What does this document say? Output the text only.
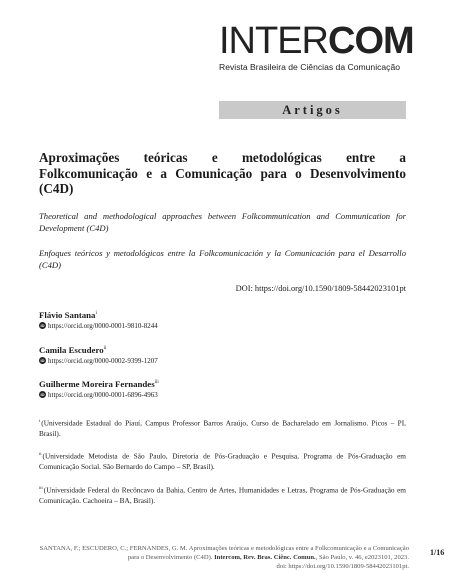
INTERCOM
Revista Brasileira de Ciências da Comunicação
Artigos
Aproximações teóricas e metodológicas entre a
Folkcomunicação e a Comunicação para o Desenvolvimento (C4D)
Theoretical and methodological approaches between Folkcommunication and Communication for Development (C4D)
Enfoques teóricos y metodológicos entre la Folkcomunicación y la Comunicación para el Desarrollo (C4D)
DOI: https://doi.org/10.1590/1809-58442023101pt
Flávio Santana$^i$
iD https://orcid.org/0000-0001-9810-8244
Camila Escudero$^{ii}$
iD https://orcid.org/0000-0002-9399-1207
Guilherme Moreira Fernandes$^{iii}$
iD https://orcid.org/0000-0001-6896-4963
$^i$(Universidade Estadual do Piauí, Campus Professor Barros Araújo, Curso de Bacharelado em Jornalismo. Picos – PI, Brasil).
$^{ii}$(Universidade Metodista de São Paulo, Diretoria de Pós-Graduação e Pesquisa, Programa de Pós-Graduação em Comunicação Social. São Bernardo do Campo – SP, Brasil).
$^{iii}$(Universidade Federal do Recôncavo da Bahia, Centro de Artes, Humanidades e Letras, Programa de Pós-Graduação em Comunicação. Cachoeira – BA, Brasil).
SANTANA, F.; ESCUDERO, C.; FERNANDES, G. M. Aproximações teóricas e metodológicas entre a Folkcomunicação e a Comunicação para o Desenvolvimento (C4D). Intercom, Rev. Bras. Ciênc. Comun., São Paulo, v. 46, e2023101, 2023.
doi: https://doi.org/10.1590/1809-58442023101pt.
1/16
